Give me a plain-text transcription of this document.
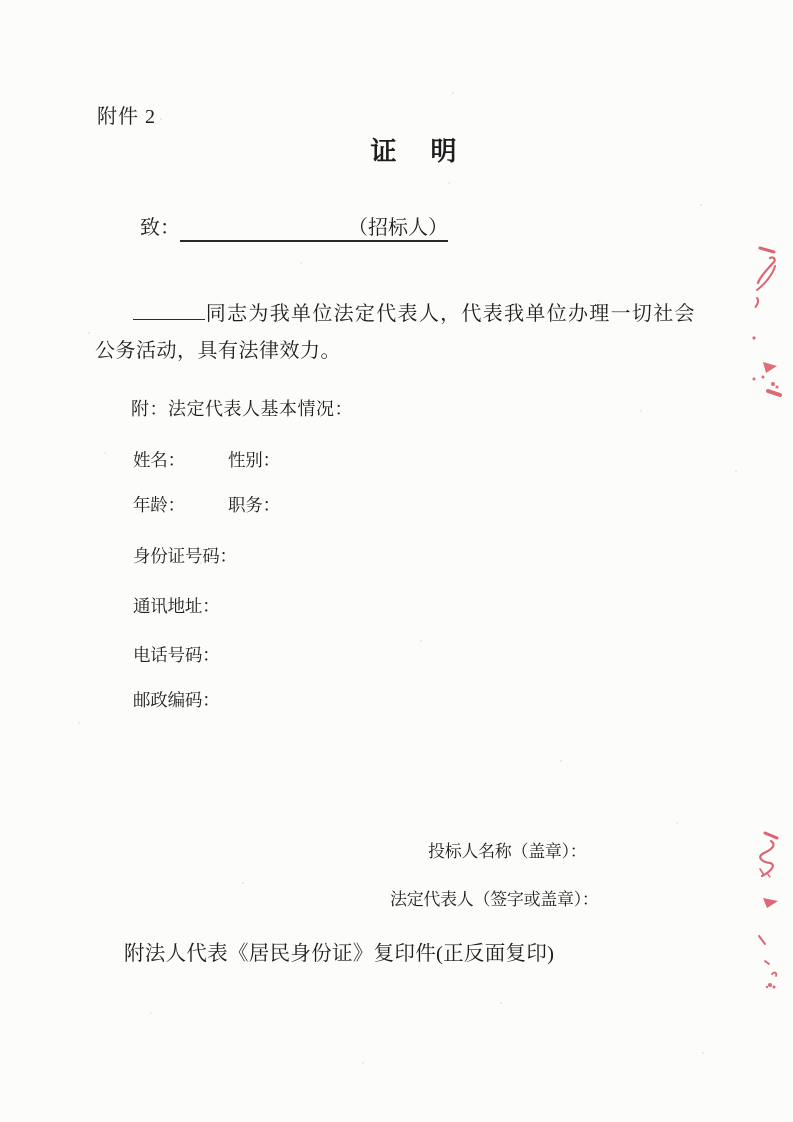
附件 2
证　明
致：	（招标人）

同志为我单位法定代表人，代表我单位办理一切社会公务活动，具有法律效力。

附：法定代表人基本情况：
姓名： 性别：
年龄： 职务：
身份证号码：
通讯地址：
电话号码：
邮政编码：
投标人名称（盖章）：
法定代表人（签字或盖章）：
附法人代表《居民身份证》复印件(正反面复印)
